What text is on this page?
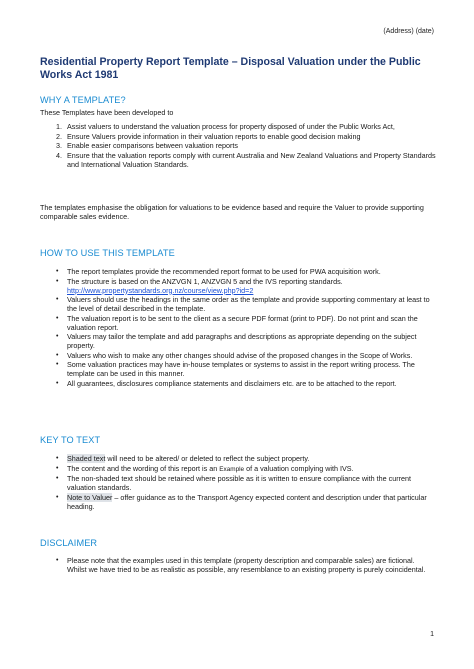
(Address) (date)
Residential Property Report Template – Disposal Valuation under the Public Works Act 1981
WHY A TEMPLATE?
These Templates have been developed to
1. Assist valuers to understand the valuation process for property disposed of under the Public Works Act,
2. Ensure Valuers provide information in their valuation reports to enable good decision making
3. Enable easier comparisons between valuation reports
4. Ensure that the valuation reports comply with current Australia and New Zealand Valuations and Property Standards and International Valuation Standards.
The templates emphasise the obligation for valuations to be evidence based and require the Valuer to provide supporting comparable sales evidence.
HOW TO USE THIS TEMPLATE
• The report templates provide the recommended report format to be used for PWA acquisition work.
• The structure is based on the ANZVGN 1, ANZVGN 5 and the IVS reporting standards.
http://www.propertystandards.org.nz/course/view.php?id=2
• Valuers should use the headings in the same order as the template and provide supporting commentary at least to the level of detail described in the template.
• The valuation report is to be sent to the client as a secure PDF format (print to PDF). Do not print and scan the valuation report.
• Valuers may tailor the template and add paragraphs and descriptions as appropriate depending on the subject property.
• Valuers who wish to make any other changes should advise of the proposed changes in the Scope of Works.
• Some valuation practices may have in-house templates or systems to assist in the report writing process. The template can be used in this manner.
• All guarantees, disclosures compliance statements and disclaimers etc. are to be attached to the report.
KEY TO TEXT
• Shaded text will need to be altered/ or deleted to reflect the subject property.
• The content and the wording of this report is an Example of a valuation complying with IVS.
• The non-shaded text should be retained where possible as it is written to ensure compliance with the current valuation standards.
• Note to Valuer – offer guidance as to the Transport Agency expected content and description under that particular heading.
DISCLAIMER
• Please note that the examples used in this template (property description and comparable sales) are fictional. Whilst we have tried to be as realistic as possible, any resemblance to an existing property is purely coincidental.
1
